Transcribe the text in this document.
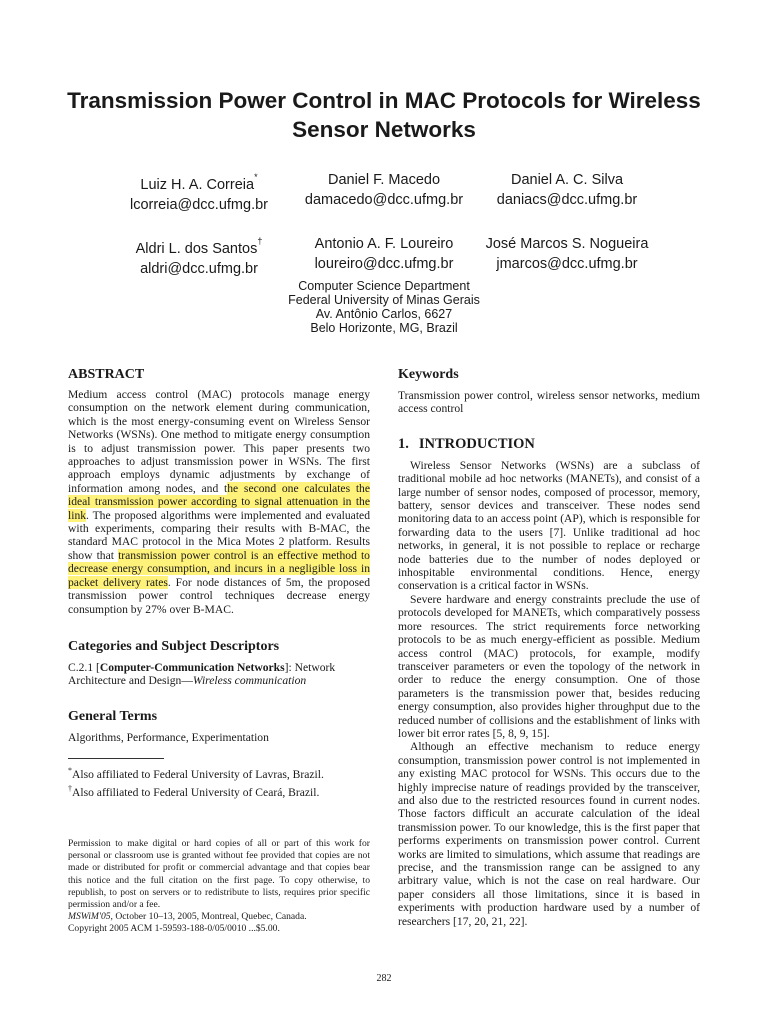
Transmission Power Control in MAC Protocols for Wireless
Sensor Networks
Luiz H. A. Correia*
lcorreia@dcc.ufmg.br
Daniel F. Macedo
damacedo@dcc.ufmg.br
Daniel A. C. Silva
daniacs@dcc.ufmg.br
Aldri L. dos Santos†
aldri@dcc.ufmg.br
Antonio A. F. Loureiro
loureiro@dcc.ufmg.br
José Marcos S. Nogueira
jmarcos@dcc.ufmg.br
Computer Science Department
Federal University of Minas Gerais
Av. Antônio Carlos, 6627
Belo Horizonte, MG, Brazil
ABSTRACT

Medium access control (MAC) protocols manage energy consumption on the network element during communication, which is the most energy-consuming event on Wireless Sensor Networks (WSNs). One method to mitigate energy consumption is to adjust transmission power. This paper presents two approaches to adjust transmission power in WSNs. The first approach employs dynamic adjustments by exchange of information among nodes, and the second one calculates the ideal transmission power according to signal attenuation in the link. The proposed algorithms were implemented and evaluated with experiments, comparing their results with B-MAC, the standard MAC protocol in the Mica Motes 2 platform. Results show that transmission power control is an effective method to decrease energy consumption, and incurs in a negligible loss in packet delivery rates. For node distances of 5m, the proposed transmission power control techniques decrease energy consumption by 27% over B-MAC.

Categories and Subject Descriptors

C.2.1 [Computer-Communication Networks]: Network Architecture and Design—Wireless communication

General Terms

Algorithms, Performance, Experimentation

*Also affiliated to Federal University of Lavras, Brazil.

†Also affiliated to Federal University of Ceará, Brazil.

Permission to make digital or hard copies of all or part of this work for personal or classroom use is granted without fee provided that copies are not made or distributed for profit or commercial advantage and that copies bear this notice and the full citation on the first page. To copy otherwise, to republish, to post on servers or to redistribute to lists, requires prior specific permission and/or a fee.

MSWiM'05, October 10–13, 2005, Montreal, Quebec, Canada.

Copyright 2005 ACM 1-59593-188-0/05/0010 ...$5.00.

Keywords

Transmission power control, wireless sensor networks, medium access control

1. INTRODUCTION

Wireless Sensor Networks (WSNs) are a subclass of traditional mobile ad hoc networks (MANETs), and consist of a large number of sensor nodes, composed of processor, memory, battery, sensor devices and transceiver. These nodes send monitoring data to an access point (AP), which is responsible for forwarding data to the users [7]. Unlike traditional ad hoc networks, in general, it is not possible to replace or recharge node batteries due to the number of nodes deployed or inhospitable environmental conditions. Hence, energy conservation is a critical factor in WSNs.

Severe hardware and energy constraints preclude the use of protocols developed for MANETs, which comparatively possess more resources. The strict requirements force networking protocols to be as much energy-efficient as possible. Medium access control (MAC) protocols, for example, modify transceiver parameters or even the topology of the network in order to reduce the energy consumption. One of those parameters is the transmission power that, besides reducing energy consumption, also provides higher throughput due to the reduced number of collisions and the establishment of links with lower bit error rates [5, 8, 9, 15].

Although an effective mechanism to reduce energy consumption, transmission power control is not implemented in any existing MAC protocol for WSNs. This occurs due to the highly imprecise nature of readings provided by the transceiver, and also due to the restricted resources found in current nodes. Those factors difficult an accurate calculation of the ideal transmission power. To our knowledge, this is the first paper that performs experiments on transmission power control. Current works are limited to simulations, which assume that readings are precise, and the transmission range can be assigned to any arbitrary value, which is not the case on real hardware. Our paper considers all those limitations, since it is based in experiments with production hardware used by a number of researchers [17, 20, 21, 22].

282
